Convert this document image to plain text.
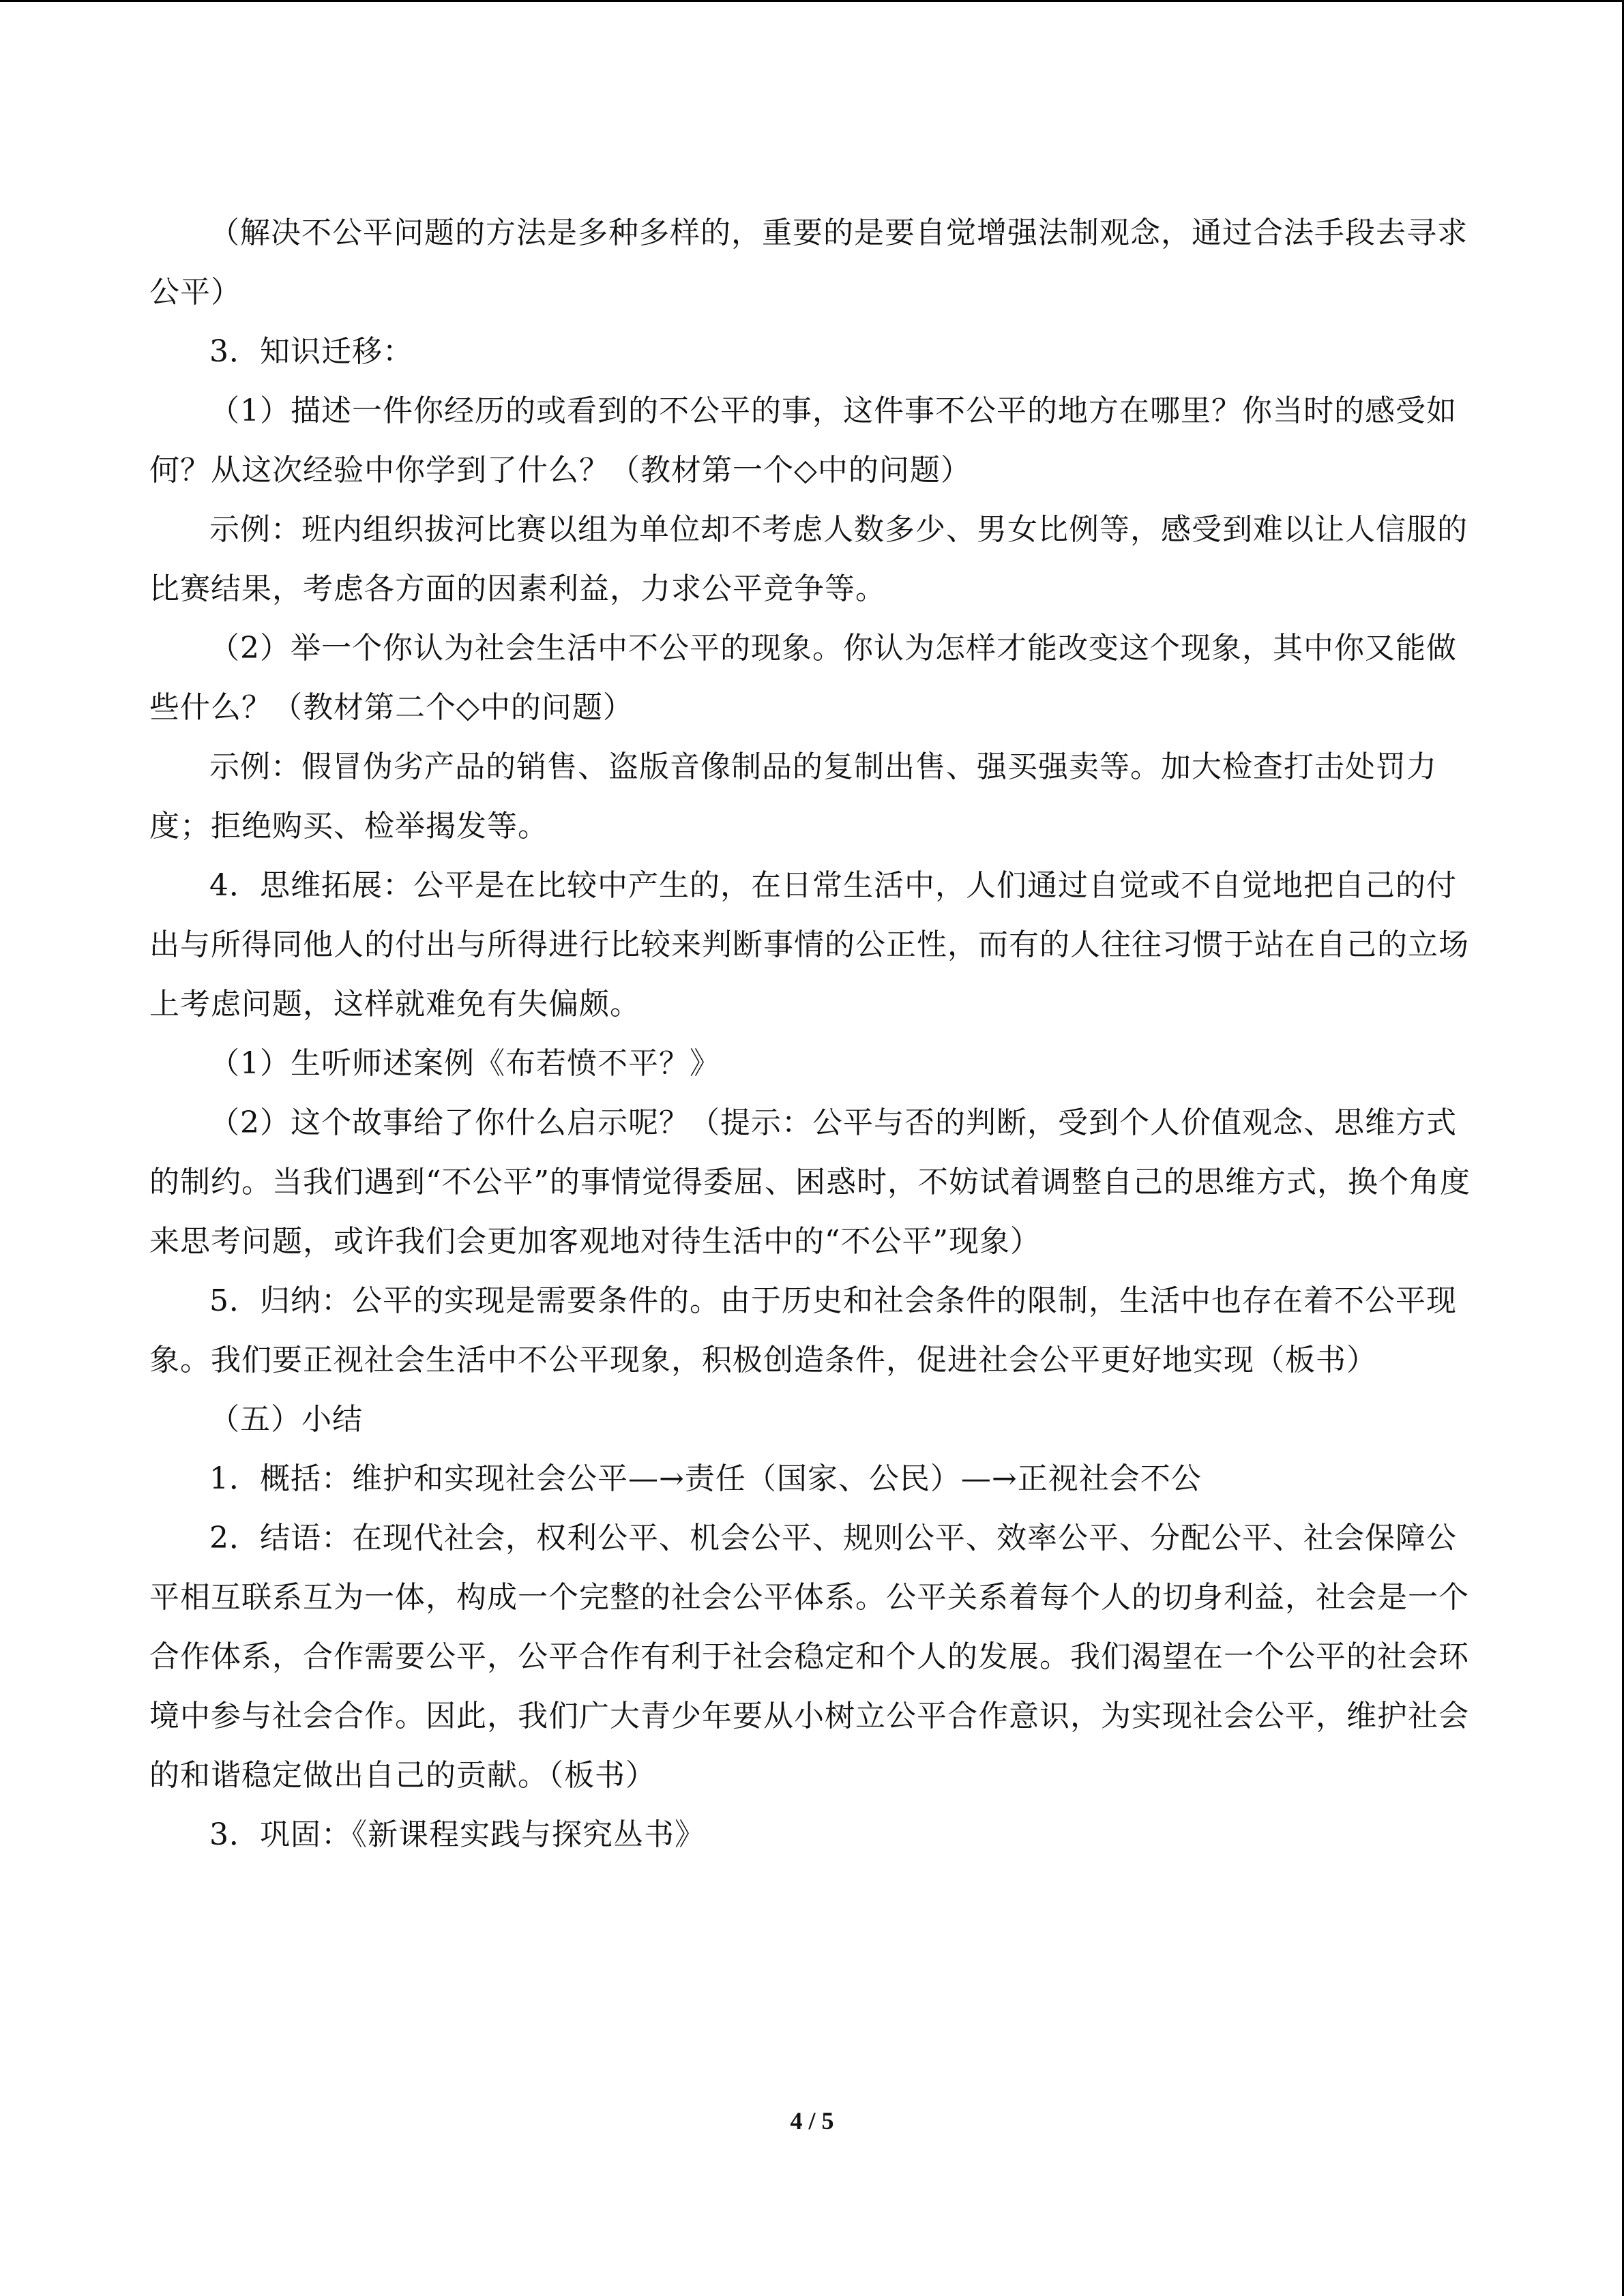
（解决不公平问题的方法是多种多样的，重要的是要自觉增强法制观念，通过合法手段去寻求公平）

3．知识迁移：

（1）描述一件你经历的或看到的不公平的事，这件事不公平的地方在哪里？你当时的感受如何？从这次经验中你学到了什么？（教材第一个◇中的问题）

示例：班内组织拔河比赛以组为单位却不考虑人数多少、男女比例等，感受到难以让人信服的比赛结果，考虑各方面的因素利益，力求公平竞争等。

（2）举一个你认为社会生活中不公平的现象。你认为怎样才能改变这个现象，其中你又能做些什么？（教材第二个◇中的问题）

示例：假冒伪劣产品的销售、盗版音像制品的复制出售、强买强卖等。加大检查打击处罚力度；拒绝购买、检举揭发等。

4．思维拓展：公平是在比较中产生的，在日常生活中，人们通过自觉或不自觉地把自己的付出与所得同他人的付出与所得进行比较来判断事情的公正性，而有的人往往习惯于站在自己的立场上考虑问题，这样就难免有失偏颇。

（1）生听师述案例《布若愤不平？》

（2）这个故事给了你什么启示呢？（提示：公平与否的判断，受到个人价值观念、思维方式的制约。当我们遇到“不公平”的事情觉得委屈、困惑时，不妨试着调整自己的思维方式，换个角度来思考问题，或许我们会更加客观地对待生活中的“不公平”现象）

5．归纳：公平的实现是需要条件的。由于历史和社会条件的限制，生活中也存在着不公平现象。我们要正视社会生活中不公平现象，积极创造条件，促进社会公平更好地实现（板书）

（五）小结

1．概括：维护和实现社会公平—→责任（国家、公民）—→正视社会不公

2．结语：在现代社会，权利公平、机会公平、规则公平、效率公平、分配公平、社会保障公平相互联系互为一体，构成一个完整的社会公平体系。公平关系着每个人的切身利益，社会是一个合作体系，合作需要公平，公平合作有利于社会稳定和个人的发展。我们渴望在一个公平的社会环境中参与社会合作。因此，我们广大青少年要从小树立公平合作意识，为实现社会公平，维护社会的和谐稳定做出自己的贡献。（板书）

3．巩固：《新课程实践与探究丛书》

4 / 5
